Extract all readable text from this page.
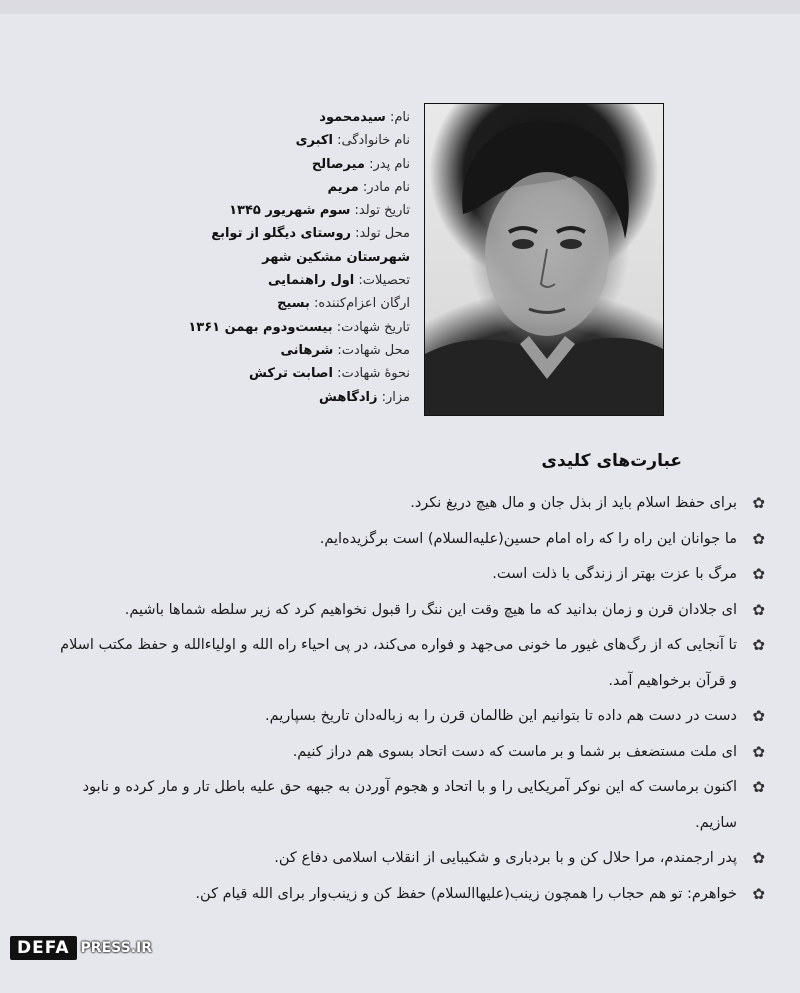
نام: سیدمحمود
نام خانوادگی: اکبری
نام پدر: میرصالح
نام مادر: مریم
تاریخ تولد: سوم شهریور ۱۳۴۵
محل تولد: روستای دیگلو از توابع
شهرستان مشکین شهر
تحصیلات: اول راهنمایی
ارگان اعزام‌کننده: بسیج
تاریخ شهادت: بیست‌ودوم بهمن ۱۳۶۱
محل شهادت: شرهانی
نحوهٔ شهادت: اصابت ترکش
مزار: زادگاهش
عبارت‌های کلیدی
✿
برای حفظ اسلام باید از بذل جان و مال هیچ دریغ نکرد.
✿
ما جوانان این راه را که راه امام حسین(علیه‌السلام) است برگزیده‌ایم.
✿
مرگ با عزت بهتر از زندگی با ذلت است.
✿
ای جلادان قرن و زمان بدانید که ما هیچ وقت این ننگ را قبول نخواهیم کرد که زیر سلطه شماها باشیم.
✿
تا آنجایی که از رگ‌های غیور ما خونی می‌جهد و فواره می‌کند، در پی احیاء راه الله و اولیاءالله و حفظ مکتب اسلام و قرآن برخواهیم آمد.
✿
دست در دست هم داده تا بتوانیم این ظالمان قرن را به زباله‌دان تاریخ بسپاریم.
✿
ای ملت مستضعف بر شما و بر ماست که دست اتحاد بسوی هم دراز کنیم.
✿
اکنون برماست که این نوکر آمریکایی را و با اتحاد و هجوم آوردن به جبهه حق علیه باطل تار و مار کرده و نابود سازیم.
✿
پدر ارجمندم، مرا حلال کن و با بردباری و شکیبایی از انقلاب اسلامی دفاع کن.
✿
خواهرم: تو هم حجاب را همچون زینب(علیهاالسلام) حفظ کن و زینب‌وار برای الله قیام کن.
DEFA PRESS.IR
